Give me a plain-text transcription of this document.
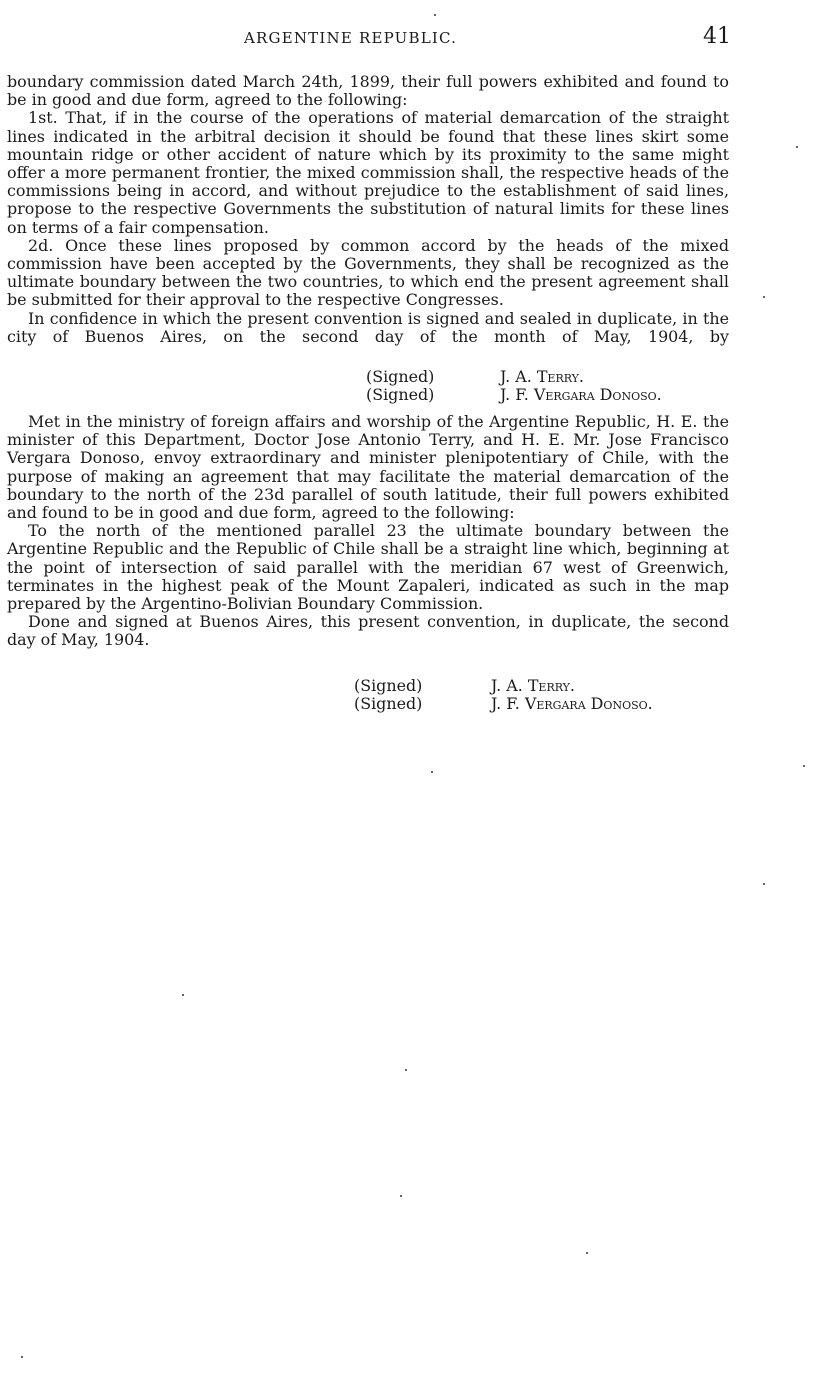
ARGENTINE REPUBLIC.	41

boundary commission dated March 24th, 1899, their full powers exhibited and found to be in good and due form, agreed to the following:

1st. That, if in the course of the operations of material demarcation of the straight lines indicated in the arbitral decision it should be found that these lines skirt some mountain ridge or other accident of nature which by its proximity to the same might offer a more permanent frontier, the mixed commission shall, the respective heads of the commissions being in accord, and without prejudice to the establishment of said lines, propose to the respective Governments the substitution of natural limits for these lines on terms of a fair compensation.

2d. Once these lines proposed by common accord by the heads of the mixed commission have been accepted by the Governments, they shall be recognized as the ultimate boundary between the two countries, to which end the present agreement shall be submitted for their approval to the respective Congresses.

In confidence in which the present convention is signed and sealed in duplicate, in the city of Buenos Aires, on the second day of the month of May, 1904, by

(Signed)	J. A. Terry.
(Signed)	J. F. Vergara Donoso.

Met in the ministry of foreign affairs and worship of the Argentine Republic, H. E. the minister of this Department, Doctor Jose Antonio Terry, and H. E. Mr. Jose Francisco Vergara Donoso, envoy extraordinary and minister plenipotentiary of Chile, with the purpose of making an agreement that may facilitate the material demarcation of the boundary to the north of the 23d parallel of south latitude, their full powers exhibited and found to be in good and due form, agreed to the following:

To the north of the mentioned parallel 23 the ultimate boundary between the Argentine Republic and the Republic of Chile shall be a straight line which, beginning at the point of intersection of said parallel with the meridian 67 west of Greenwich, terminates in the highest peak of the Mount Zapaleri, indicated as such in the map prepared by the Argentino-Bolivian Boundary Commission.

Done and signed at Buenos Aires, this present convention, in duplicate, the second day of May, 1904.

(Signed)	J. A. Terry.
(Signed)	J. F. Vergara Donoso.
